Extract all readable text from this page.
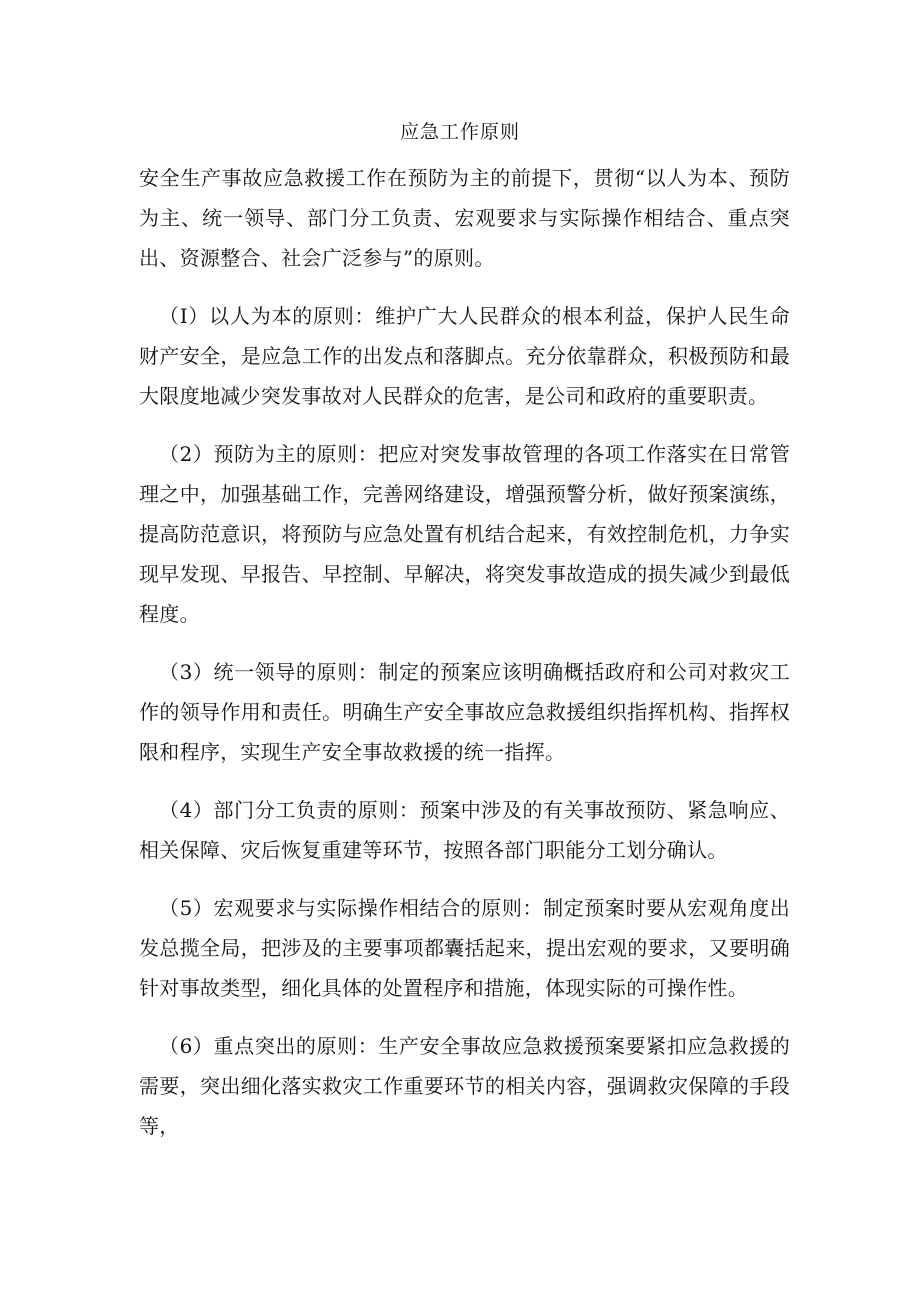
应急工作原则

安全生产事故应急救援工作在预防为主的前提下，贯彻“以人为本、预防为主、统一领导、部门分工负责、宏观要求与实际操作相结合、重点突出、资源整合、社会广泛参与”的原则。

（I）以人为本的原则：维护广大人民群众的根本利益，保护人民生命财产安全，是应急工作的出发点和落脚点。充分依靠群众，积极预防和最大限度地减少突发事故对人民群众的危害，是公司和政府的重要职责。

（2）预防为主的原则：把应对突发事故管理的各项工作落实在日常管理之中，加强基础工作，完善网络建设，增强预警分析，做好预案演练，提高防范意识，将预防与应急处置有机结合起来，有效控制危机，力争实现早发现、早报告、早控制、早解决，将突发事故造成的损失减少到最低程度。

（3）统一领导的原则：制定的预案应该明确概括政府和公司对救灾工作的领导作用和责任。明确生产安全事故应急救援组织指挥机构、指挥权限和程序，实现生产安全事故救援的统一指挥。

（4）部门分工负责的原则：预案中涉及的有关事故预防、紧急响应、相关保障、灾后恢复重建等环节，按照各部门职能分工划分确认。

（5）宏观要求与实际操作相结合的原则：制定预案时要从宏观角度出发总揽全局，把涉及的主要事项都囊括起来，提出宏观的要求，又要明确针对事故类型，细化具体的处置程序和措施，体现实际的可操作性。

（6）重点突出的原则：生产安全事故应急救援预案要紧扣应急救援的需要，突出细化落实救灾工作重要环节的相关内容，强调救灾保障的手段等，
